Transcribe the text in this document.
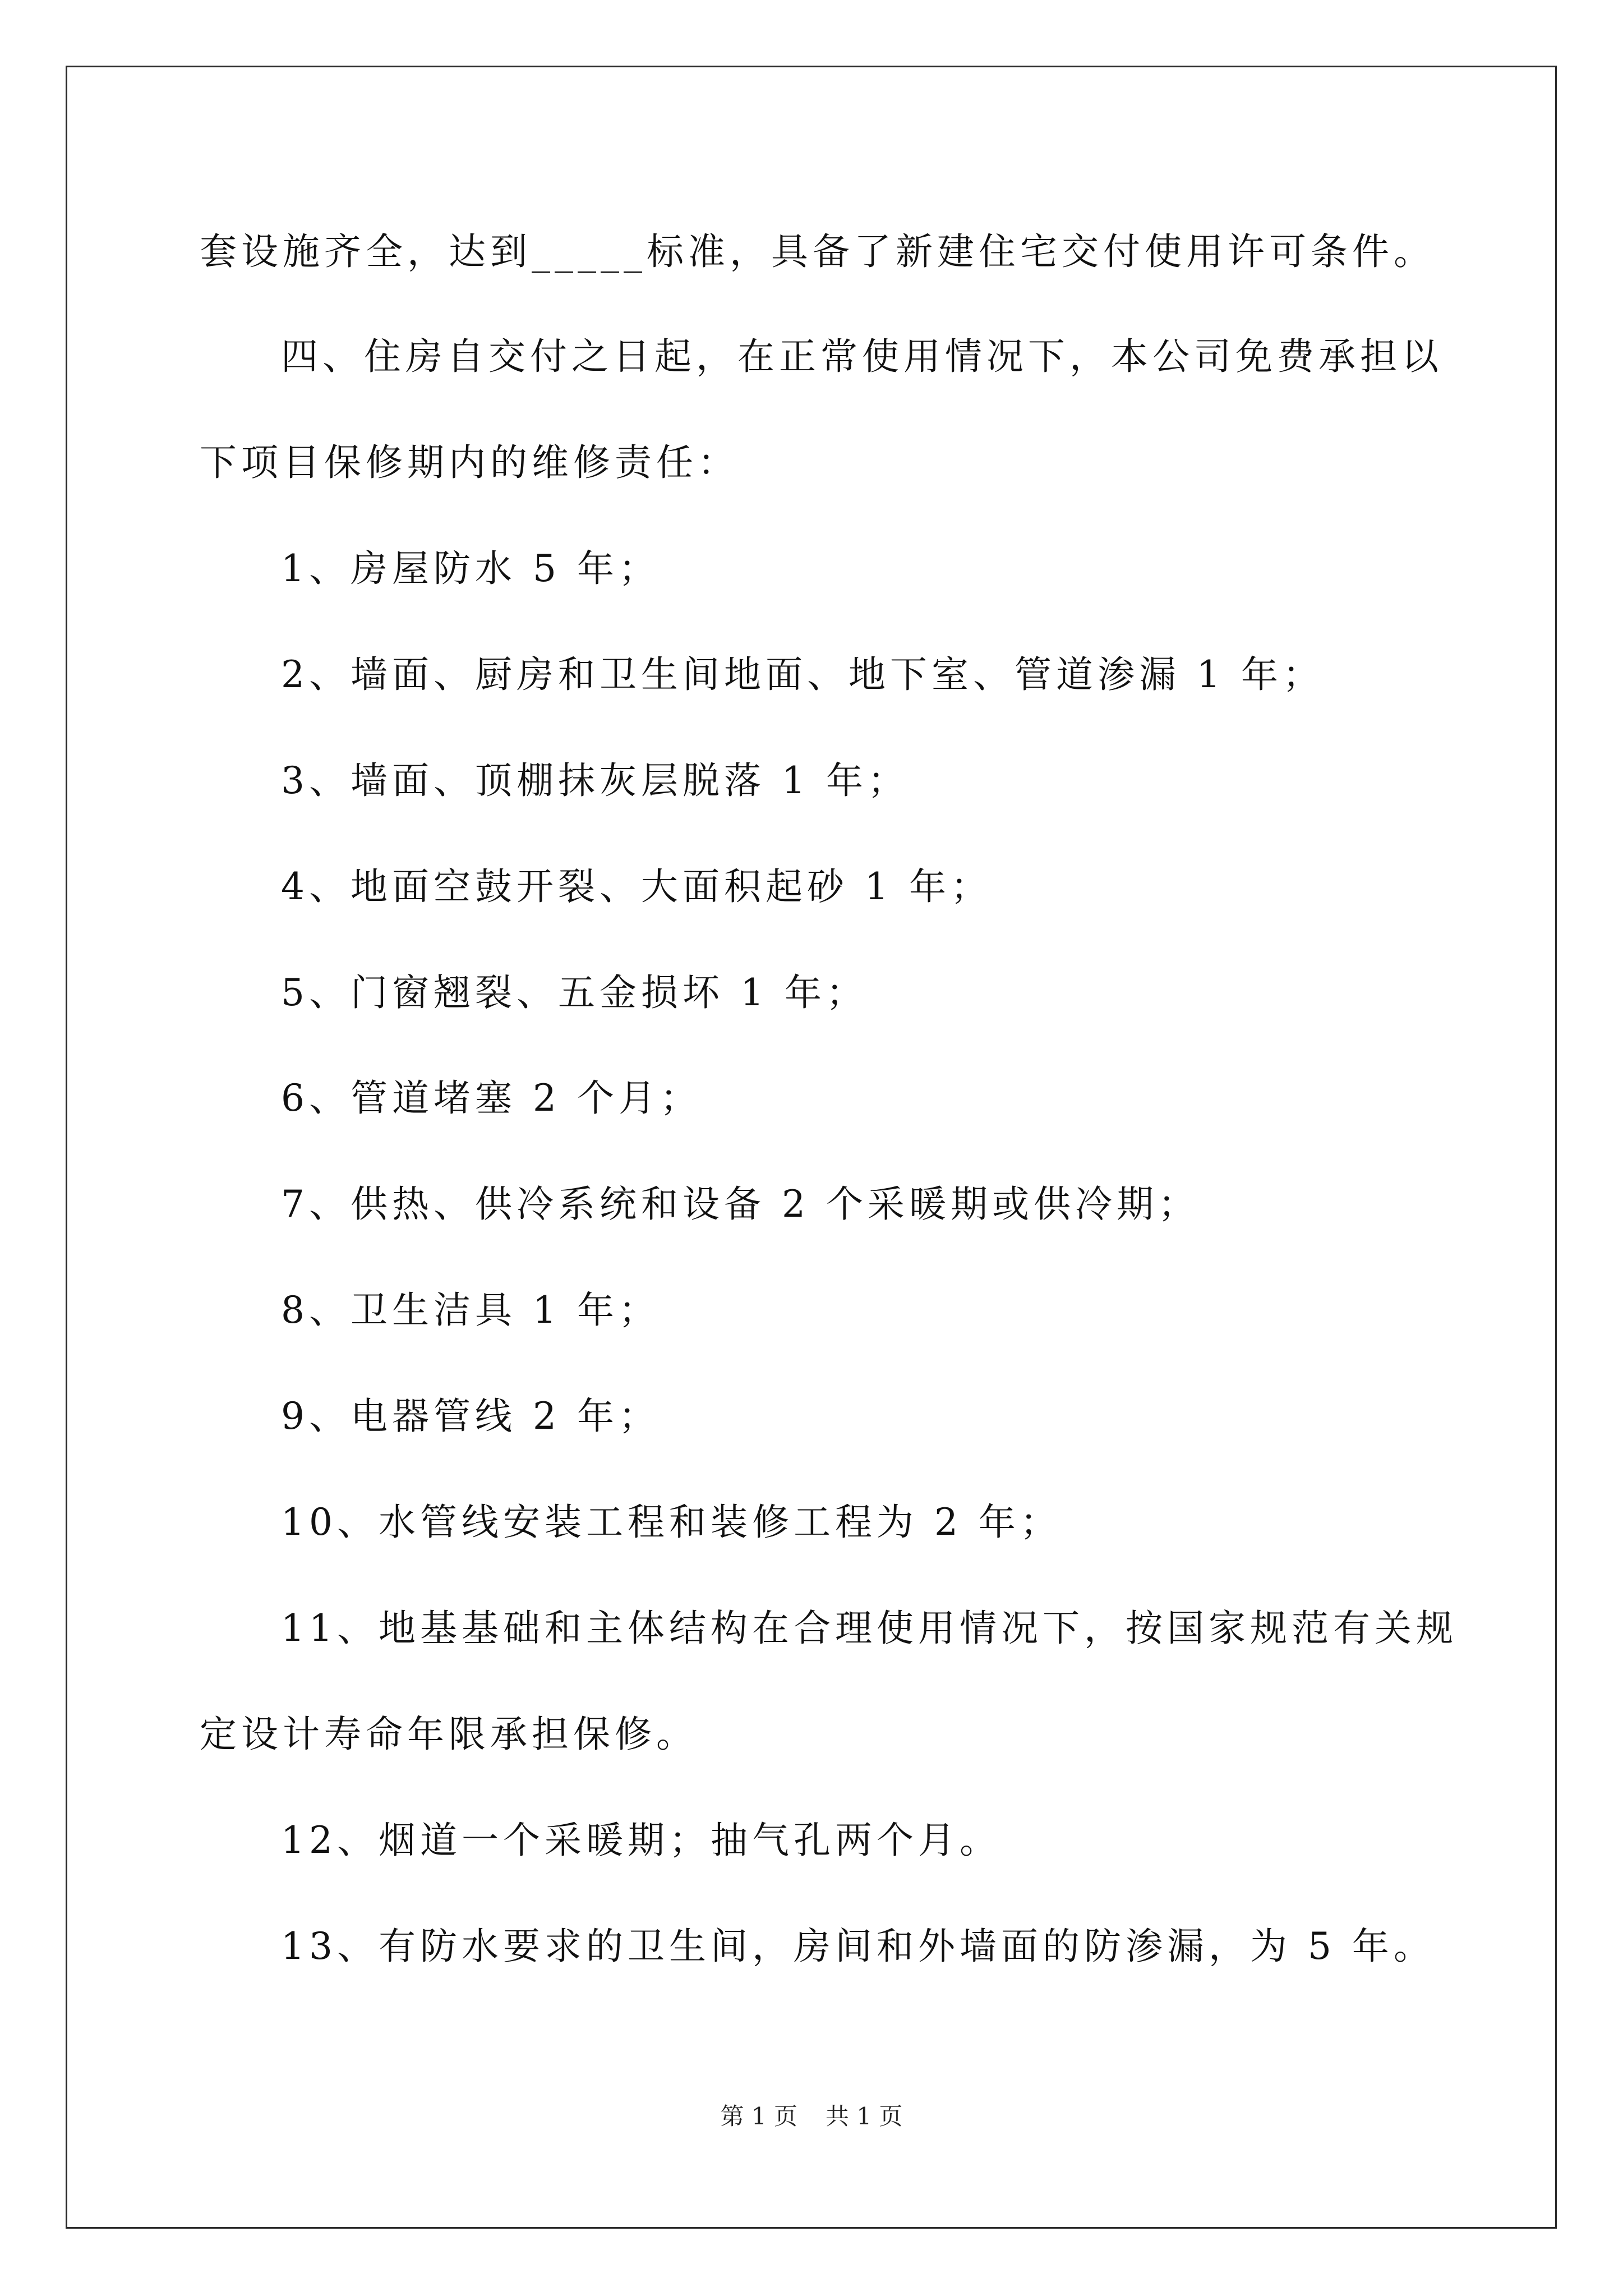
套设施齐全，达到_____标准，具备了新建住宅交付使用许可条件。
四、住房自交付之日起，在正常使用情况下，本公司免费承担以
下项目保修期内的维修责任：
1、房屋防水 5 年；
2、墙面、厨房和卫生间地面、地下室、管道渗漏 1 年；
3、墙面、顶棚抹灰层脱落 1 年；
4、地面空鼓开裂、大面积起砂 1 年；
5、门窗翘裂、五金损坏 1 年；
6、管道堵塞 2 个月；
7、供热、供冷系统和设备 2 个采暖期或供冷期；
8、卫生洁具 1 年；
9、电器管线 2 年；
10、水管线安装工程和装修工程为 2 年；
11、地基基础和主体结构在合理使用情况下，按国家规范有关规
定设计寿命年限承担保修。
12、烟道一个采暖期；抽气孔两个月。
13、有防水要求的卫生间，房间和外墙面的防渗漏，为 5 年。
第 1 页 共 1 页
